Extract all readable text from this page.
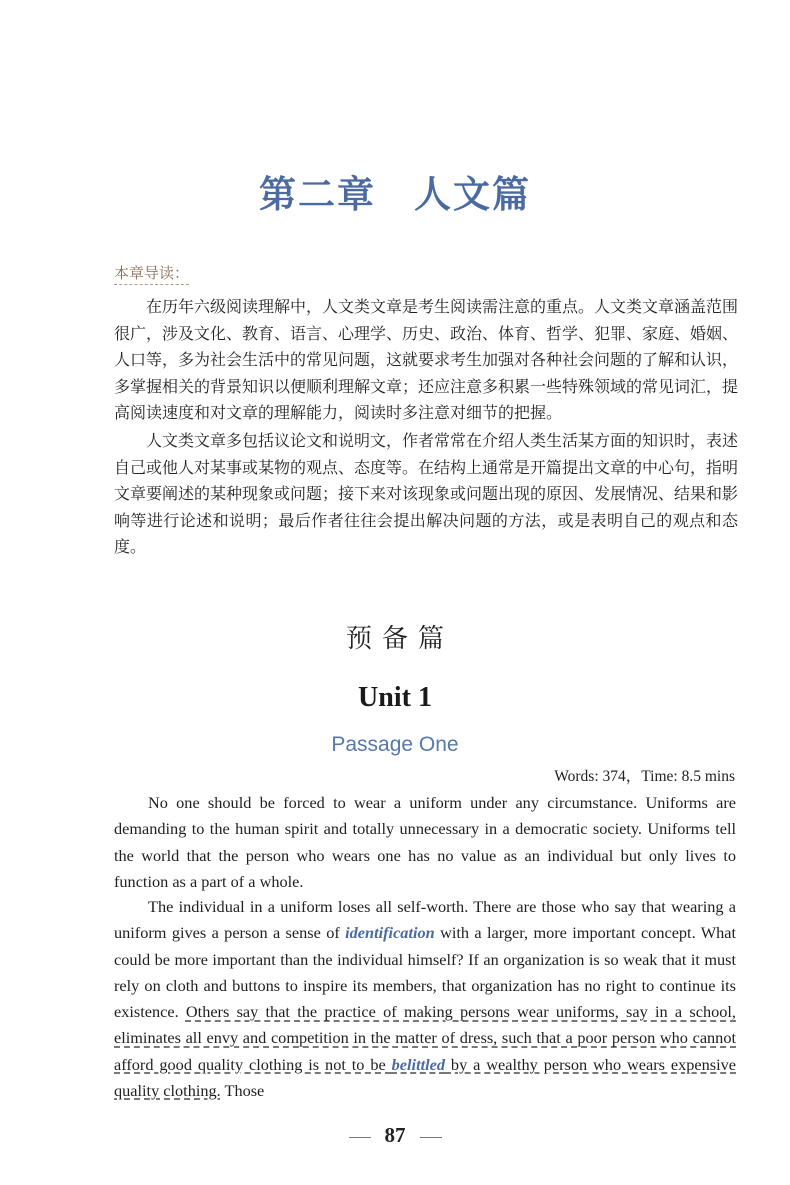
第二章 人文篇
本章导读：
在历年六级阅读理解中，人文类文章是考生阅读需注意的重点。人文类文章涵盖范围很广，涉及文化、教育、语言、心理学、历史、政治、体育、哲学、犯罪、家庭、婚姻、人口等，多为社会生活中的常见问题，这就要求考生加强对各种社会问题的了解和认识，多掌握相关的背景知识以便顺利理解文章；还应注意多积累一些特殊领域的常见词汇，提高阅读速度和对文章的理解能力，阅读时多注意对细节的把握。
人文类文章多包括议论文和说明文，作者常常在介绍人类生活某方面的知识时，表述自己或他人对某事或某物的观点、态度等。在结构上通常是开篇提出文章的中心句，指明文章要阐述的某种现象或问题；接下来对该现象或问题出现的原因、发展情况、结果和影响等进行论述和说明；最后作者往往会提出解决问题的方法，或是表明自己的观点和态度。
预备篇
Unit 1
Passage One
Words: 374，Time: 8.5 mins
No one should be forced to wear a uniform under any circumstance. Uniforms are demanding to the human spirit and totally unnecessary in a democratic society. Uniforms tell the world that the person who wears one has no value as an individual but only lives to function as a part of a whole.
The individual in a uniform loses all self-worth. There are those who say that wearing a uniform gives a person a sense of identification with a larger, more important concept. What could be more important than the individual himself? If an organization is so weak that it must rely on cloth and buttons to inspire its members, that organization has no right to continue its existence. Others say that the practice of making persons wear uniforms, say in a school, eliminates all envy and competition in the matter of dress, such that a poor person who cannot afford good quality clothing is not to be belittled by a wealthy person who wears expensive quality clothing. Those
87
